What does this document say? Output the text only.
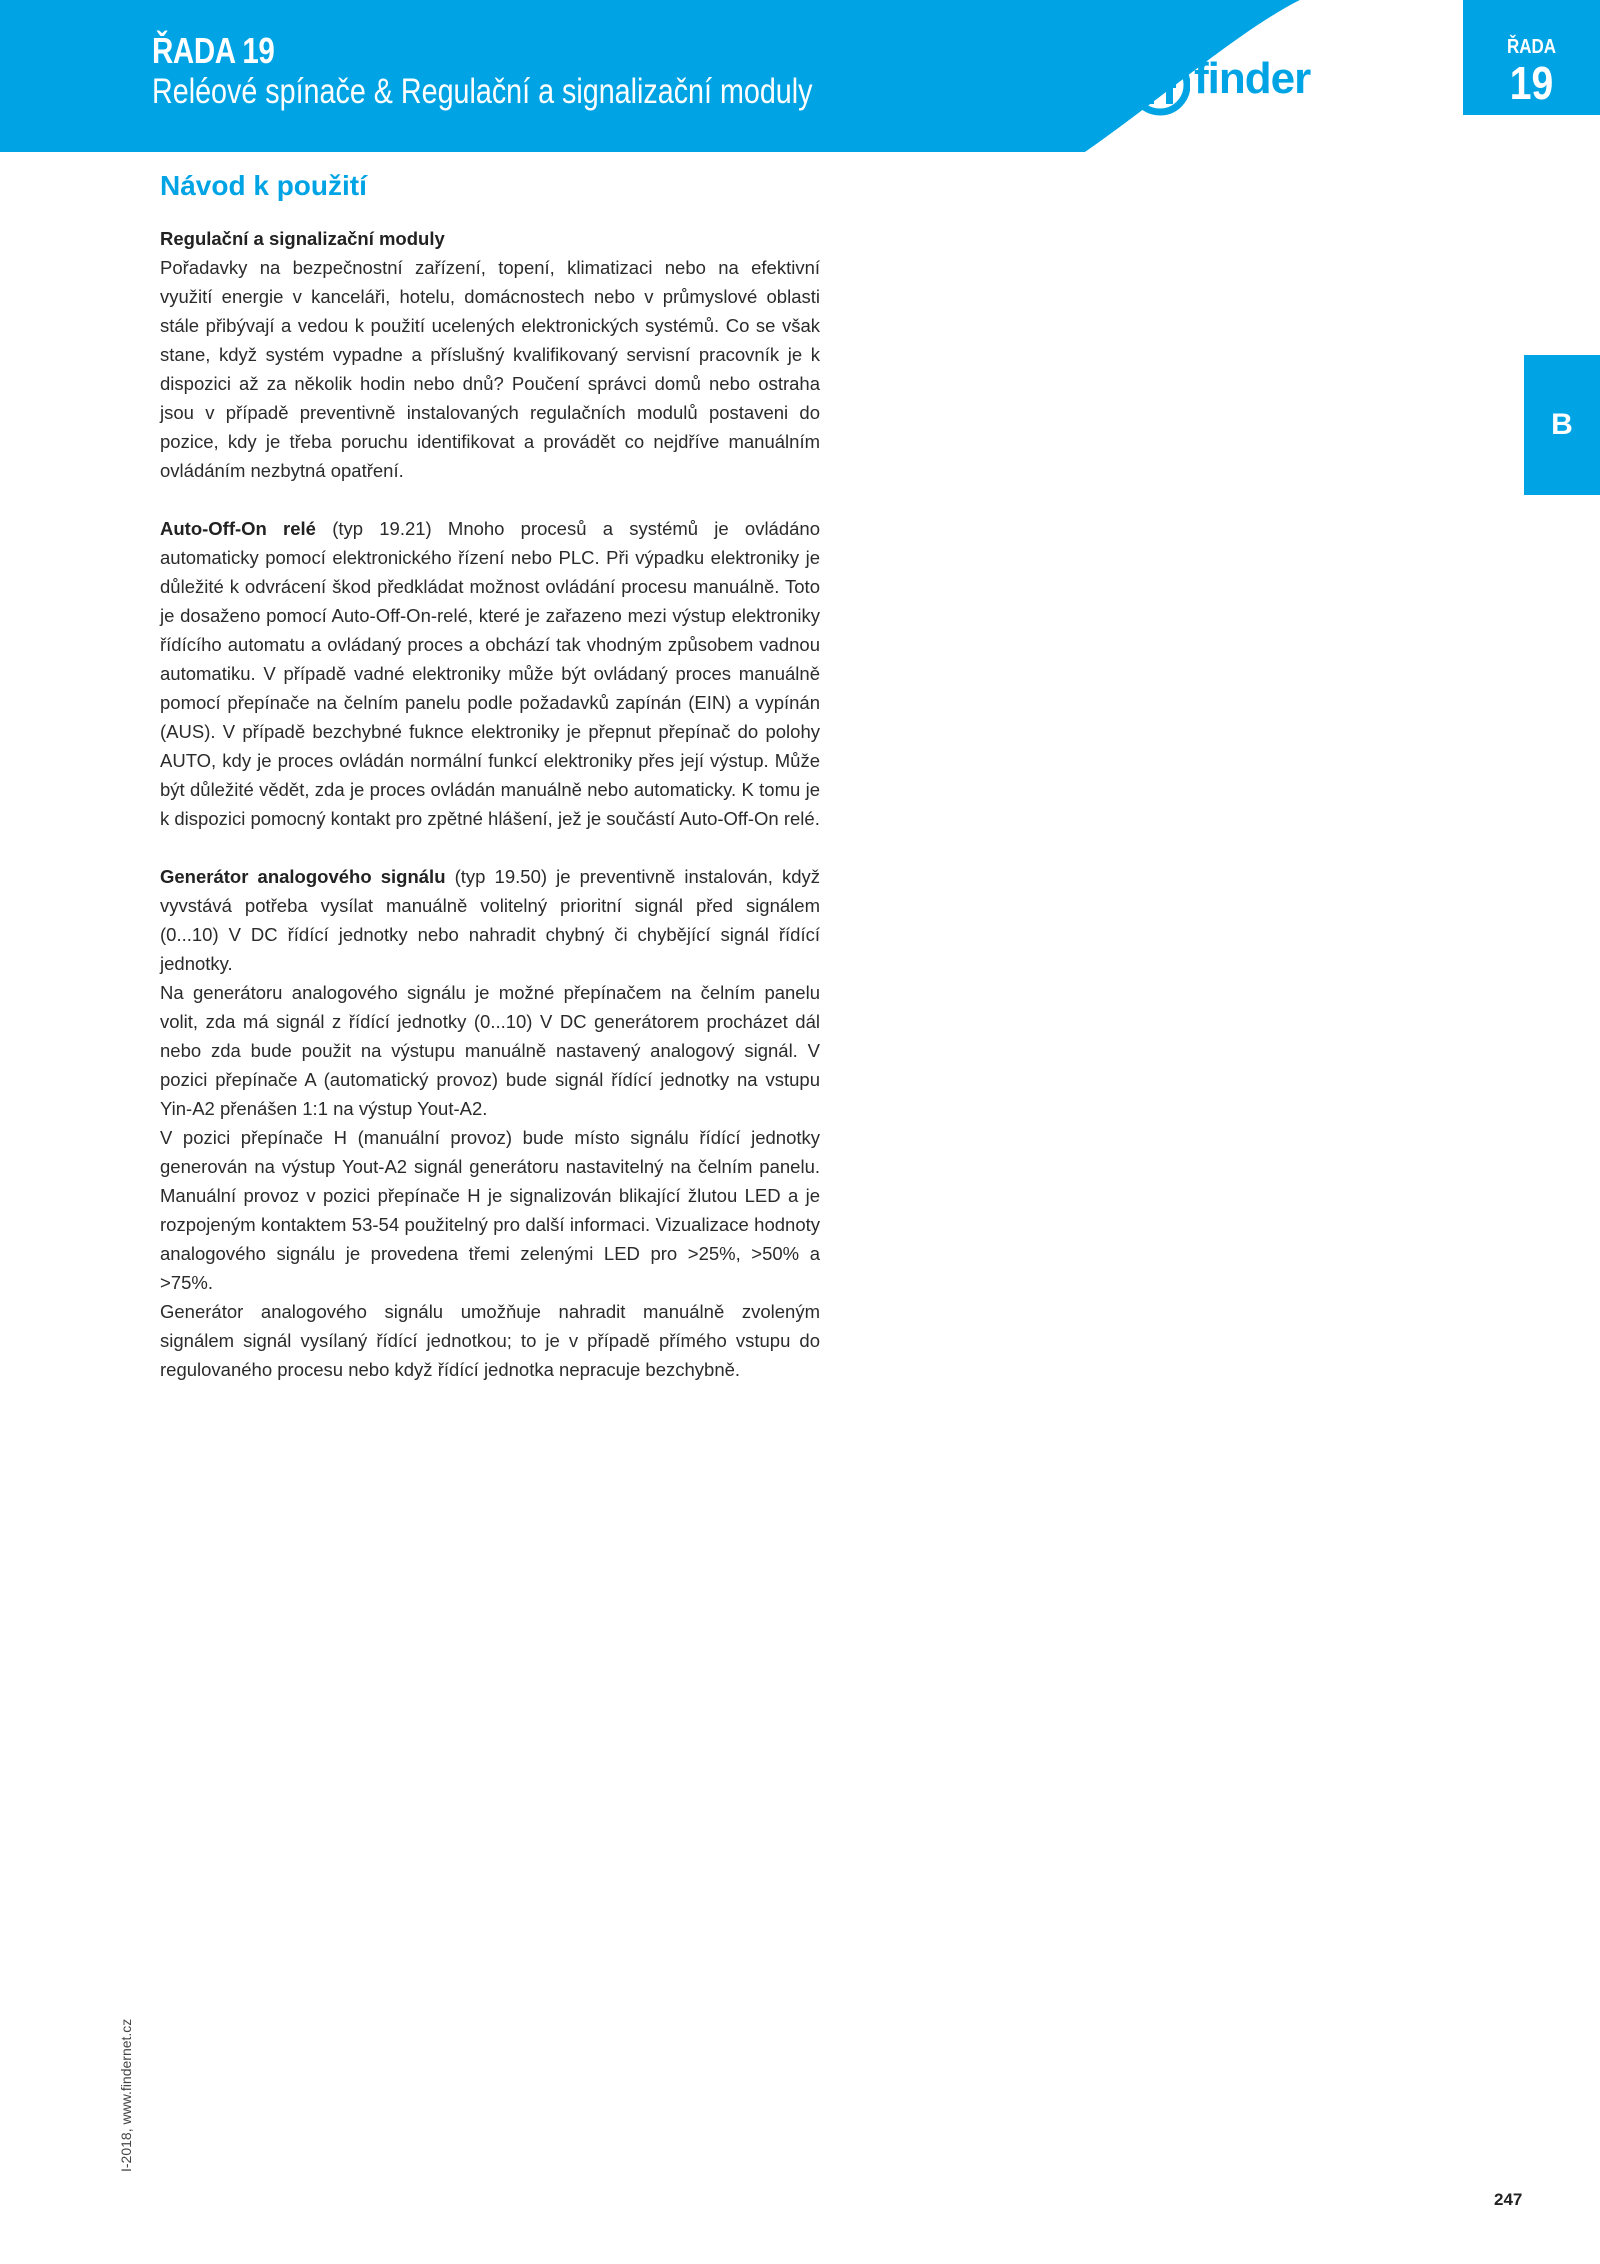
ŘADA 19
Reléové spínače & Regulační a signalizační moduly	finder
ŘADA
19
B
Návod k použití
Regulační a signalizační moduly

Pořadavky na bezpečnostní zařízení, topení, klimatizaci nebo na efektivní využití energie v kanceláři, hotelu, domácnostech nebo v průmyslové oblasti stále přibývají a vedou k použití ucelených elektronických systémů. Co se však stane, když systém vypadne a příslušný kvalifikovaný servisní pracovník je k dispozici až za několik hodin nebo dnů? Poučení správci domů nebo ostraha jsou v případě preventivně instalovaných regulačních modulů postaveni do pozice, kdy je třeba poruchu identifikovat a provádět co nejdříve manuálním ovládáním nezbytná opatření.

Auto-Off-On relé (typ 19.21) Mnoho procesů a systémů je ovládáno automaticky pomocí elektronického řízení nebo PLC. Při výpadku elektroniky je důležité k odvrácení škod předkládat možnost ovládání procesu manuálně. Toto je dosaženo pomocí Auto-Off-On-relé, které je zařazeno mezi výstup elektroniky řídícího automatu a ovládaný proces a obchází tak vhodným způsobem vadnou automatiku. V případě vadné elektroniky může být ovládaný proces manuálně pomocí přepínače na čelním panelu podle požadavků zapínán (EIN) a vypínán (AUS). V případě bezchybné fuknce elektroniky je přepnut přepínač do polohy AUTO, kdy je proces ovládán normální funkcí elektroniky přes její výstup. Může být důležité vědět, zda je proces ovládán manuálně nebo automaticky. K tomu je k dispozici pomocný kontakt pro zpětné hlášení, jež je součástí Auto-Off-On relé.

Generátor analogového signálu (typ 19.50) je preventivně instalován, když vyvstává potřeba vysílat manuálně volitelný prioritní signál před signálem (0...10) V DC řídící jednotky nebo nahradit chybný či chybějící signál řídící jednotky.

Na generátoru analogového signálu je možné přepínačem na čelním panelu volit, zda má signál z řídící jednotky (0...10) V DC generátorem procházet dál nebo zda bude použit na výstupu manuálně nastavený analogový signál. V pozici přepínače A (automatický provoz) bude signál řídící jednotky na vstupu Yin-A2 přenášen 1:1 na výstup Yout-A2.

V pozici přepínače H (manuální provoz) bude místo signálu řídící jednotky generován na výstup Yout-A2 signál generátoru nastavitelný na čelním panelu. Manuální provoz v pozici přepínače H je signalizován blikající žlutou LED a je rozpojeným kontaktem 53-54 použitelný pro další informaci. Vizualizace hodnoty analogového signálu je provedena třemi zelenými LED pro >25%, >50% a >75%.

Generátor analogového signálu umožňuje nahradit manuálně zvoleným signálem signál vysílaný řídící jednotkou; to je v případě přímého vstupu do regulovaného procesu nebo když řídící jednotka nepracuje bezchybně.

I-2018, www.findernet.cz
247
